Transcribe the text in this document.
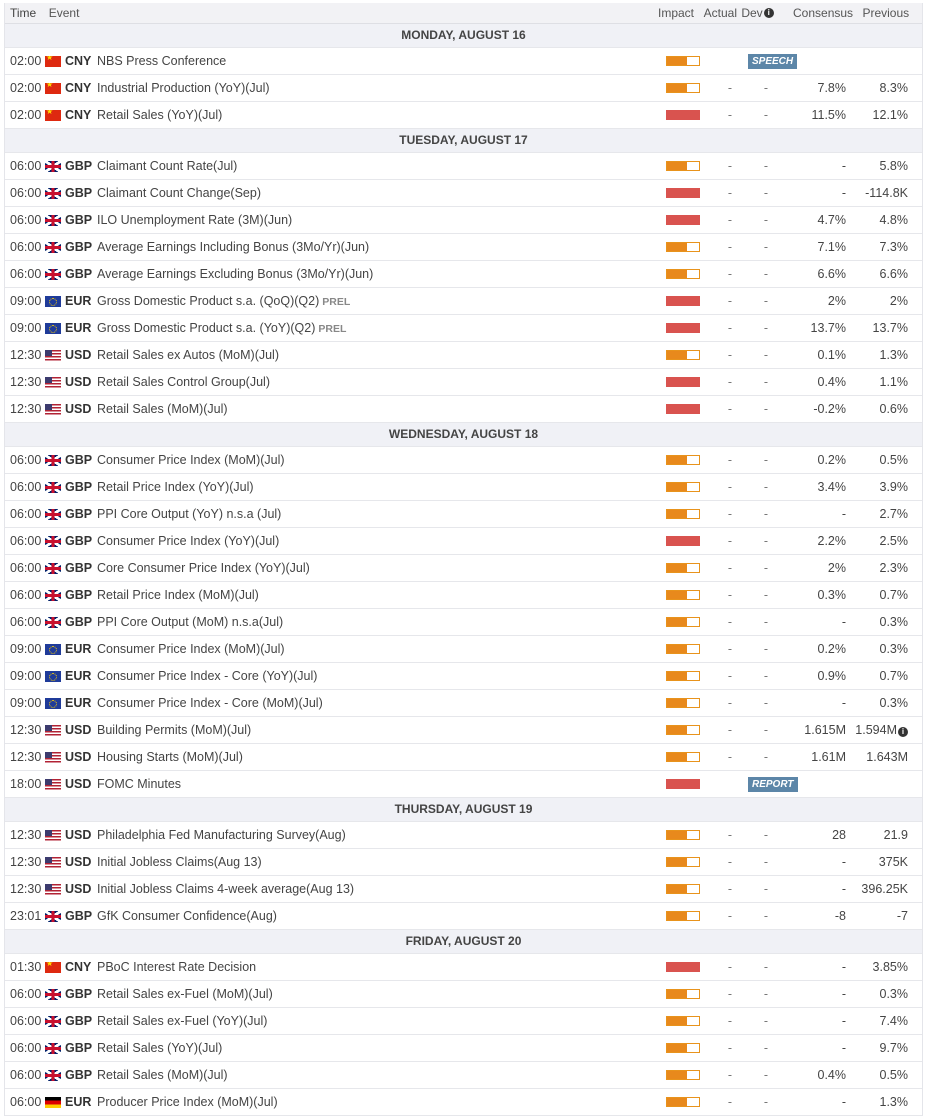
Time	Event	Impact Actual Dev i	Consensus Previous
MONDAY, AUGUST 16
02:00 ★ CNY NBS Press Conference	SPEECH
02:00 ★ CNY Industrial Production (YoY)(Jul)	-	-	7.8%	8.3%
02:00 ★ CNY Retail Sales (YoY)(Jul)	-	-	11.5%	12.1%
TUESDAY, AUGUST 17
06:00 GBP Claimant Count Rate(Jul)	-	-	-	5.8%
06:00 GBP Claimant Count Change(Sep)	-	-	-	-114.8K
06:00 GBP ILO Unemployment Rate (3M)(Jun)	-	-	4.7%	4.8%
06:00 GBP Average Earnings Including Bonus (3Mo/Yr)(Jun)	-	-	7.1%	7.3%
06:00 GBP Average Earnings Excluding Bonus (3Mo/Yr)(Jun)	-	-	6.6%	6.6%
09:00 EUR Gross Domestic Product s.a. (QoQ)(Q2) PREL	-	-	2%	2%
09:00 EUR Gross Domestic Product s.a. (YoY)(Q2) PREL	-	-	13.7%	13.7%
12:30 USD Retail Sales ex Autos (MoM)(Jul)	-	-	0.1%	1.3%
12:30 USD Retail Sales Control Group(Jul)	-	-	0.4%	1.1%
12:30 USD Retail Sales (MoM)(Jul)	-	-	-0.2%	0.6%
WEDNESDAY, AUGUST 18
06:00 GBP Consumer Price Index (MoM)(Jul)	-	-	0.2%	0.5%
06:00 GBP Retail Price Index (YoY)(Jul)	-	-	3.4%	3.9%
06:00 GBP PPI Core Output (YoY) n.s.a (Jul)	-	-	-	2.7%
06:00 GBP Consumer Price Index (YoY)(Jul)	-	-	2.2%	2.5%
06:00 GBP Core Consumer Price Index (YoY)(Jul)	-	-	2%	2.3%
06:00 GBP Retail Price Index (MoM)(Jul)	-	-	0.3%	0.7%
06:00 GBP PPI Core Output (MoM) n.s.a(Jul)	-	-	-	0.3%
09:00 EUR Consumer Price Index (MoM)(Jul)	-	-	0.2%	0.3%
09:00 EUR Consumer Price Index - Core (YoY)(Jul)	-	-	0.9%	0.7%
09:00 EUR Consumer Price Index - Core (MoM)(Jul)	-	-	-	0.3%
12:30 USD Building Permits (MoM)(Jul)	-	-	1.615M 1.594M i
12:30 USD Housing Starts (MoM)(Jul)	-	-	1.61M	1.643M
18:00 USD FOMC Minutes	REPORT
THURSDAY, AUGUST 19
12:30 USD Philadelphia Fed Manufacturing Survey(Aug)	-	-	28	21.9
12:30 USD Initial Jobless Claims(Aug 13)	-	-	-	375K
12:30 USD Initial Jobless Claims 4-week average(Aug 13)	-	-	-	396.25K
23:01 GBP GfK Consumer Confidence(Aug)	-	-	-8	-7
FRIDAY, AUGUST 20
01:30 ★ CNY PBoC Interest Rate Decision	-	-	-	3.85%
06:00 GBP Retail Sales ex-Fuel (MoM)(Jul)	-	-	-	0.3%
06:00 GBP Retail Sales ex-Fuel (YoY)(Jul)	-	-	-	7.4%
06:00 GBP Retail Sales (YoY)(Jul)	-	-	-	9.7%
06:00 GBP Retail Sales (MoM)(Jul)	-	-	0.4%	0.5%
06:00 EUR Producer Price Index (MoM)(Jul)	-	-	-	1.3%
